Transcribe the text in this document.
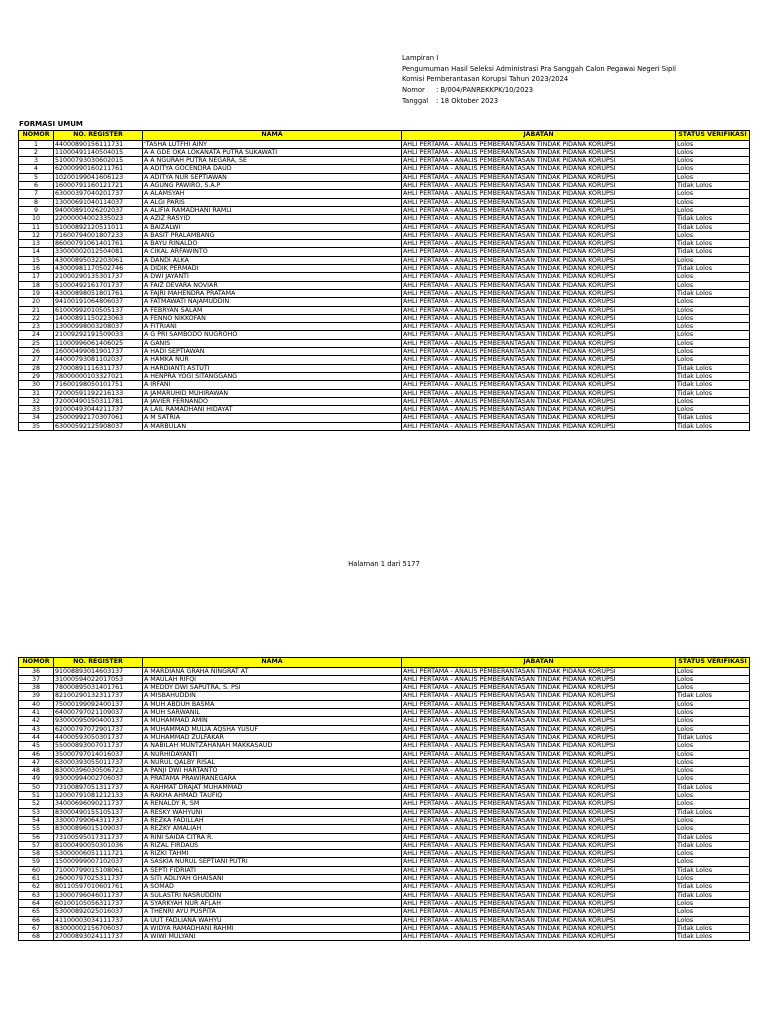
Lampiran I
Pengumuman Hasil Seleksi Administrasi Pra Sanggah Calon Pegawai Negeri Sipil
Komisi Pemberantasan Korupsi Tahun 2023/2024
Nomor : B/004/PANREKKPK/10/2023
Tanggal : 18 Oktober 2023
FORMASI UMUM
NOMOR	NO. REGISTER	NAMA	JABATAN	STATUS VERIFIKASI
1	44000890156111731	'TASHA LUTFHI AINY	AHLI PERTAMA - ANALIS PEMBERANTASAN TINDAK PIDANA KORUPSI	Lolos
2	11000491140504015	A A GDE OKA LOKANATA PUTRA SUKAWATI	AHLI PERTAMA - ANALIS PEMBERANTASAN TINDAK PIDANA KORUPSI	Lolos
3	51000793030602015	A A NGURAH PUTRA NEGARA, SE	AHLI PERTAMA - ANALIS PEMBERANTASAN TINDAK PIDANA KORUPSI	Lolos
4	62000990160211761	A ADITYA GOCENDRA DAUD	AHLI PERTAMA - ANALIS PEMBERANTASAN TINDAK PIDANA KORUPSI	Lolos
5	10200199041606123	A ADITYA NUR SEPTIAWAN	AHLI PERTAMA - ANALIS PEMBERANTASAN TINDAK PIDANA KORUPSI	Lolos
6	16000791160121721	A AGUNG PAWIRO, S.A.P	AHLI PERTAMA - ANALIS PEMBERANTASAN TINDAK PIDANA KORUPSI	Tidak Lolos
7	63000397040201737	A ALAMSYAH	AHLI PERTAMA - ANALIS PEMBERANTASAN TINDAK PIDANA KORUPSI	Lolos
8	13000691040114037	A ALGI PARIS	AHLI PERTAMA - ANALIS PEMBERANTASAN TINDAK PIDANA KORUPSI	Lolos
9	94000891026202037	A ALIFIA RAMADHANI RAMLI	AHLI PERTAMA - ANALIS PEMBERANTASAN TINDAK PIDANA KORUPSI	Lolos
10	22000004002335023	A AZIZ RASYID	AHLI PERTAMA - ANALIS PEMBERANTASAN TINDAK PIDANA KORUPSI	Tidak Lolos
11	51000892120511011	A BAIZALWI	AHLI PERTAMA - ANALIS PEMBERANTASAN TINDAK PIDANA KORUPSI	Tidak Lolos
12	71600794001807233	A BASIT PRALAMBANG	AHLI PERTAMA - ANALIS PEMBERANTASAN TINDAK PIDANA KORUPSI	Lolos
13	86000791061401761	A BAYU RINALDO	AHLI PERTAMA - ANALIS PEMBERANTASAN TINDAK PIDANA KORUPSI	Tidak Lolos
14	33000002012504081	A CIKAL ARFAWINTO	AHLI PERTAMA - ANALIS PEMBERANTASAN TINDAK PIDANA KORUPSI	Tidak Lolos
15	43000895032203061	A DANDI ALKA	AHLI PERTAMA - ANALIS PEMBERANTASAN TINDAK PIDANA KORUPSI	Lolos
16	43000981170502746	A DIDIK PERMADI	AHLI PERTAMA - ANALIS PEMBERANTASAN TINDAK PIDANA KORUPSI	Tidak Lolos
17	21000290135301737	A DWI JAYANTI	AHLI PERTAMA - ANALIS PEMBERANTASAN TINDAK PIDANA KORUPSI	Lolos
18	51000492161701737	A FAIZ DEVARA NOVIAR	AHLI PERTAMA - ANALIS PEMBERANTASAN TINDAK PIDANA KORUPSI	Lolos
19	43000898051801761	A FAJRI MAHENDRA PRATAMA	AHLI PERTAMA - ANALIS PEMBERANTASAN TINDAK PIDANA KORUPSI	Tidak Lolos
20	94100191064806037	A FATMAWATI NAJAMUDDIN	AHLI PERTAMA - ANALIS PEMBERANTASAN TINDAK PIDANA KORUPSI	Lolos
21	61000992010505137	A FEBRYAN SALAM	AHLI PERTAMA - ANALIS PEMBERANTASAN TINDAK PIDANA KORUPSI	Lolos
22	14000891150223063	A FENNO NIKKOFAN	AHLI PERTAMA - ANALIS PEMBERANTASAN TINDAK PIDANA KORUPSI	Lolos
23	13000998003208037	A FITRIANI	AHLI PERTAMA - ANALIS PEMBERANTASAN TINDAK PIDANA KORUPSI	Lolos
24	21009292191509033	A G PRI SAMBODO NUGROHO	AHLI PERTAMA - ANALIS PEMBERANTASAN TINDAK PIDANA KORUPSI	Lolos
25	11000996061406025	A GANIS	AHLI PERTAMA - ANALIS PEMBERANTASAN TINDAK PIDANA KORUPSI	Lolos
26	16000499081901737	A HADI SEPTIAWAN	AHLI PERTAMA - ANALIS PEMBERANTASAN TINDAK PIDANA KORUPSI	Lolos
27	44000793081102037	A HAMKA NUR	AHLI PERTAMA - ANALIS PEMBERANTASAN TINDAK PIDANA KORUPSI	Lolos
28	27000891116311737	A HARDIANTI ASTUTI	AHLI PERTAMA - ANALIS PEMBERANTASAN TINDAK PIDANA KORUPSI	Tidak Lolos
29	78000000103327021	A HENPRA YOGI SITANGGANG	AHLI PERTAMA - ANALIS PEMBERANTASAN TINDAK PIDANA KORUPSI	Tidak Lolos
30	71600198050101751	A IRFANI	AHLI PERTAMA - ANALIS PEMBERANTASAN TINDAK PIDANA KORUPSI	Tidak Lolos
31	72000591192216133	A JAMARUHID MUHIRAWAN	AHLI PERTAMA - ANALIS PEMBERANTASAN TINDAK PIDANA KORUPSI	Tidak Lolos
32	72000490150311781	A JAVIER FERNANDO	AHLI PERTAMA - ANALIS PEMBERANTASAN TINDAK PIDANA KORUPSI	Lolos
33	91000493044211737	A LAIL RAMADHANI HIDAYAT	AHLI PERTAMA - ANALIS PEMBERANTASAN TINDAK PIDANA KORUPSI	Lolos
34	25000992170307061	A M SATRIA	AHLI PERTAMA - ANALIS PEMBERANTASAN TINDAK PIDANA KORUPSI	Tidak Lolos
35	63000592125908037	A MARBULAN	AHLI PERTAMA - ANALIS PEMBERANTASAN TINDAK PIDANA KORUPSI	Tidak Lolos
Halaman 1 dari 5177
NOMOR	NO. REGISTER	NAMA	JABATAN	STATUS VERIFIKASI
36	91008893014603137	A MARDIANA GRAHA NINGRAT AT	AHLI PERTAMA - ANALIS PEMBERANTASAN TINDAK PIDANA KORUPSI	Lolos
37	31000594022017053	A MAULAH RIFQI	AHLI PERTAMA - ANALIS PEMBERANTASAN TINDAK PIDANA KORUPSI	Lolos
38	78000895031401761	A MEDDY DWI SAPUTRA, S. PSI	AHLI PERTAMA - ANALIS PEMBERANTASAN TINDAK PIDANA KORUPSI	Lolos
39	82100290132311737	A MISBAHUDDIN	AHLI PERTAMA - ANALIS PEMBERANTASAN TINDAK PIDANA KORUPSI	Tidak Lolos
40	75000199092400137	A MUH ABDUH BASMA	AHLI PERTAMA - ANALIS PEMBERANTASAN TINDAK PIDANA KORUPSI	Lolos
41	64000797021109037	A MUH SARWANIL	AHLI PERTAMA - ANALIS PEMBERANTASAN TINDAK PIDANA KORUPSI	Lolos
42	93000095090400137	A MUHAMMAD AMIN	AHLI PERTAMA - ANALIS PEMBERANTASAN TINDAK PIDANA KORUPSI	Lolos
43	62000797072901737	A MUHAMMAD MULIA AQSHA YUSUF	AHLI PERTAMA - ANALIS PEMBERANTASAN TINDAK PIDANA KORUPSI	Lolos
44	44000593050301737	A MUHAMMAD ZULFAKAR	AHLI PERTAMA - ANALIS PEMBERANTASAN TINDAK PIDANA KORUPSI	Tidak Lolos
45	55000893007011737	A NABILAH MUNTZAHANAH MAKKASAUD	AHLI PERTAMA - ANALIS PEMBERANTASAN TINDAK PIDANA KORUPSI	Lolos
46	35000797014016037	A NURHIDAYANTI	AHLI PERTAMA - ANALIS PEMBERANTASAN TINDAK PIDANA KORUPSI	Lolos
47	63000393055011737	A NURUL QALBY RISAL	AHLI PERTAMA - ANALIS PEMBERANTASAN TINDAK PIDANA KORUPSI	Lolos
48	83000396030506723	A PANJI DWI HARTANTO	AHLI PERTAMA - ANALIS PEMBERANTASAN TINDAK PIDANA KORUPSI	Lolos
49	93000994002706037	A PRATAMA PRAWIRANEGARA	AHLI PERTAMA - ANALIS PEMBERANTASAN TINDAK PIDANA KORUPSI	Lolos
50	73100897051311737	A RAHMAT DRAJAT MUHAMMAD	AHLI PERTAMA - ANALIS PEMBERANTASAN TINDAK PIDANA KORUPSI	Tidak Lolos
51	12000791081212133	A RAKHA AHMAD TAUFIQ	AHLI PERTAMA - ANALIS PEMBERANTASAN TINDAK PIDANA KORUPSI	Lolos
52	34000696090211737	A RENALDY R, SM	AHLI PERTAMA - ANALIS PEMBERANTASAN TINDAK PIDANA KORUPSI	Lolos
53	83000490155105137	A RESKY WAHYUNI	AHLI PERTAMA - ANALIS PEMBERANTASAN TINDAK PIDANA KORUPSI	Tidak Lolos
54	33000799064311737	A REZKA FADILLAH	AHLI PERTAMA - ANALIS PEMBERANTASAN TINDAK PIDANA KORUPSI	Lolos
55	83000896015109037	A REZKY AMALIAH	AHLI PERTAMA - ANALIS PEMBERANTASAN TINDAK PIDANA KORUPSI	Lolos
56	73100595017311737	A RINI SAIDA CITRA R.	AHLI PERTAMA - ANALIS PEMBERANTASAN TINDAK PIDANA KORUPSI	Tidak Lolos
57	81000490050301036	A RIZAL FIRDAUS	AHLI PERTAMA - ANALIS PEMBERANTASAN TINDAK PIDANA KORUPSI	Tidak Lolos
58	53000006051111721	A RIZKI TAHMI	AHLI PERTAMA - ANALIS PEMBERANTASAN TINDAK PIDANA KORUPSI	Lolos
59	15000999007102037	A SASKIA NURUL SEPTIANI PUTRI	AHLI PERTAMA - ANALIS PEMBERANTASAN TINDAK PIDANA KORUPSI	Lolos
60	71000799015108061	A SEPTI FIDRIATI	AHLI PERTAMA - ANALIS PEMBERANTASAN TINDAK PIDANA KORUPSI	Tidak Lolos
61	26000797025311737	A SITI ADLIYAH GHAISANI	AHLI PERTAMA - ANALIS PEMBERANTASAN TINDAK PIDANA KORUPSI	Lolos
62	80110597010601761	A SOMAD	AHLI PERTAMA - ANALIS PEMBERANTASAN TINDAK PIDANA KORUPSI	Tidak Lolos
63	13000796046011737	A SULASTRI NASRUDDIN	AHLI PERTAMA - ANALIS PEMBERANTASAN TINDAK PIDANA KORUPSI	Tidak Lolos
64	60100105056311737	A SYARKYAH NUR AFLAH	AHLI PERTAMA - ANALIS PEMBERANTASAN TINDAK PIDANA KORUPSI	Lolos
65	53000892025016037	A THENRI AYU PUSPITA	AHLI PERTAMA - ANALIS PEMBERANTASAN TINDAK PIDANA KORUPSI	Lolos
66	41100003034111737	A UUT FADLIANA WAHYU	AHLI PERTAMA - ANALIS PEMBERANTASAN TINDAK PIDANA KORUPSI	Lolos
67	83000002156706037	A WIDYA RAMADHANI RAHMI	AHLI PERTAMA - ANALIS PEMBERANTASAN TINDAK PIDANA KORUPSI	Tidak Lolos
68	27000893024111737	A WIWI MULYANI	AHLI PERTAMA - ANALIS PEMBERANTASAN TINDAK PIDANA KORUPSI	Tidak Lolos
